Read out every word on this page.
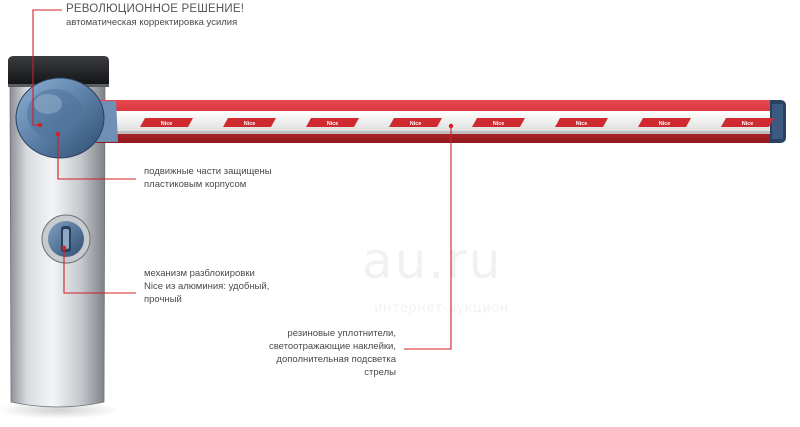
Nice	Nice	Nice	Nice	Nice	Nice	Nice	Nice
au.ru
интернет-аукцион
РЕВОЛЮЦИОННОЕ РЕШЕНИЕ!
автоматическая корректировка усилия
подвижные части защищены
пластиковым корпусом
механизм разблокировки
Nice из алюминия: удобный,
прочный
резиновые уплотнители,
светоотражающие наклейки,
дополнительная подсветка
стрелы
